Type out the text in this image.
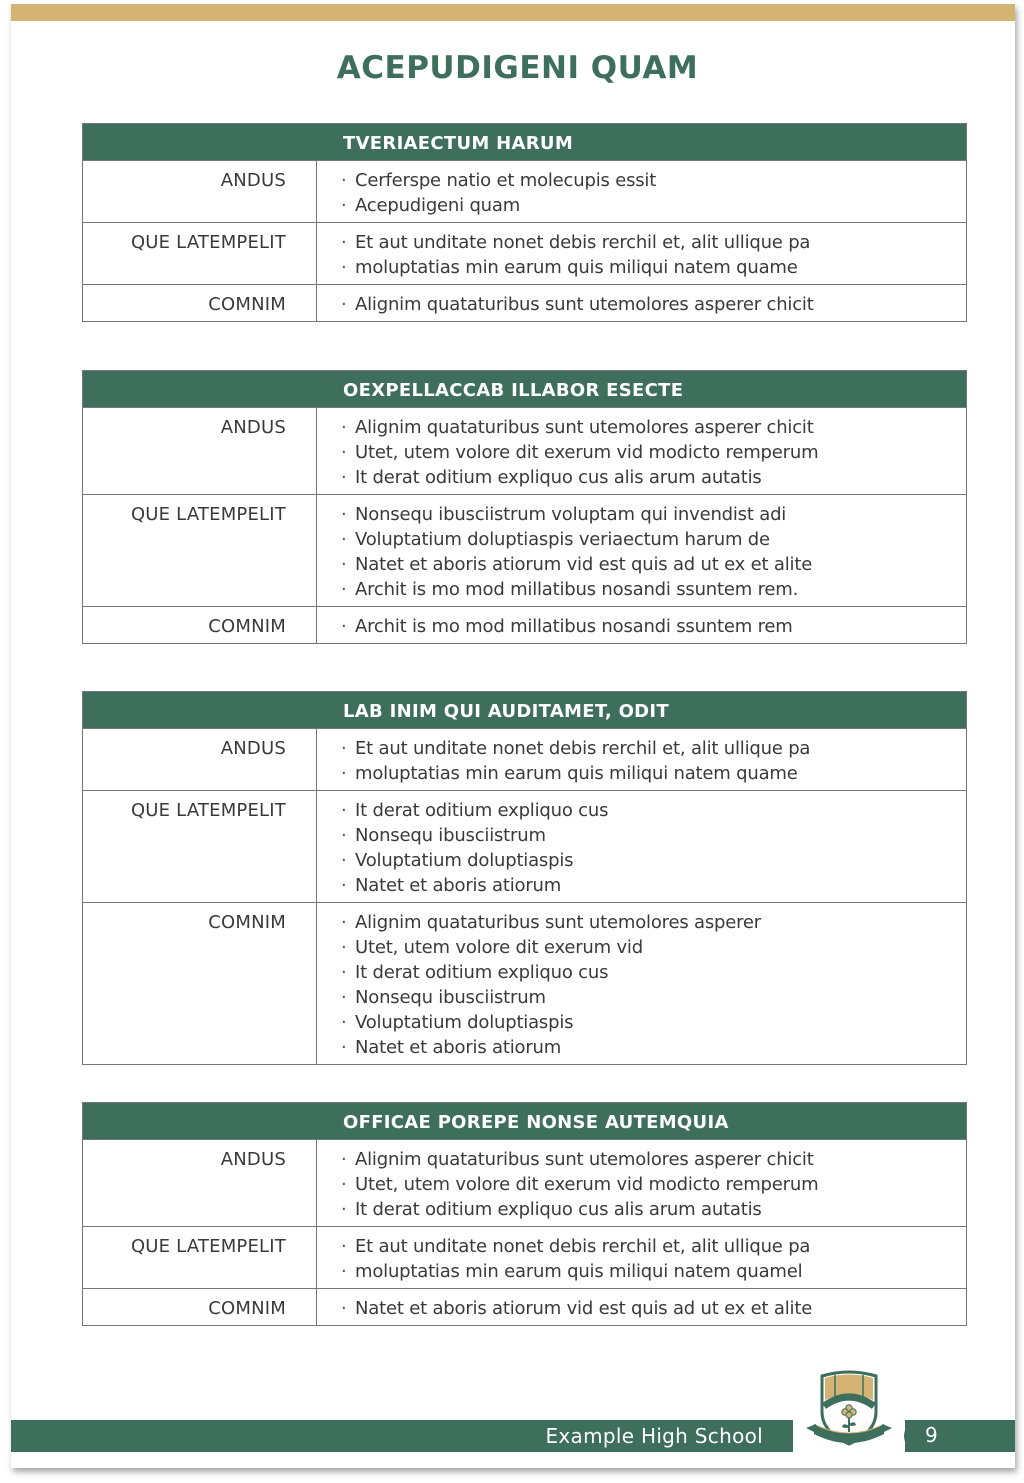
ACEPUDIGENI QUAM
TVERIAECTUM HARUM
ANDUS	· Cerferspe natio et molecupis essit
· Acepudigeni quam
QUE LATEMPELIT	· Et aut unditate nonet debis rerchil et, alit ullique pa
· moluptatias min earum quis miliqui natem quame
COMNIM	· Alignim quataturibus sunt utemolores asperer chicit
OEXPELLACCAB ILLABOR ESECTE
ANDUS	· Alignim quataturibus sunt utemolores asperer chicit
· Utet, utem volore dit exerum vid modicto remperum
· It derat oditium expliquo cus alis arum autatis
QUE LATEMPELIT	· Nonsequ ibusciistrum voluptam qui invendist adi
· Voluptatium doluptiaspis veriaectum harum de
· Natet et aboris atiorum vid est quis ad ut ex et alite
· Archit is mo mod millatibus nosandi ssuntem rem.
COMNIM	· Archit is mo mod millatibus nosandi ssuntem rem
LAB INIM QUI AUDITAMET, ODIT
ANDUS	· Et aut unditate nonet debis rerchil et, alit ullique pa
· moluptatias min earum quis miliqui natem quame
QUE LATEMPELIT	· It derat oditium expliquo cus
· Nonsequ ibusciistrum
· Voluptatium doluptiaspis
· Natet et aboris atiorum
COMNIM	· Alignim quataturibus sunt utemolores asperer
· Utet, utem volore dit exerum vid
· It derat oditium expliquo cus
· Nonsequ ibusciistrum
· Voluptatium doluptiaspis
· Natet et aboris atiorum
OFFICAE POREPE NONSE AUTEMQUIA
ANDUS	· Alignim quataturibus sunt utemolores asperer chicit
· Utet, utem volore dit exerum vid modicto remperum
· It derat oditium expliquo cus alis arum autatis
QUE LATEMPELIT	· Et aut unditate nonet debis rerchil et, alit ullique pa
· moluptatias min earum quis miliqui natem quamel
COMNIM	· Natet et aboris atiorum vid est quis ad ut ex et alite
Example High School	9
